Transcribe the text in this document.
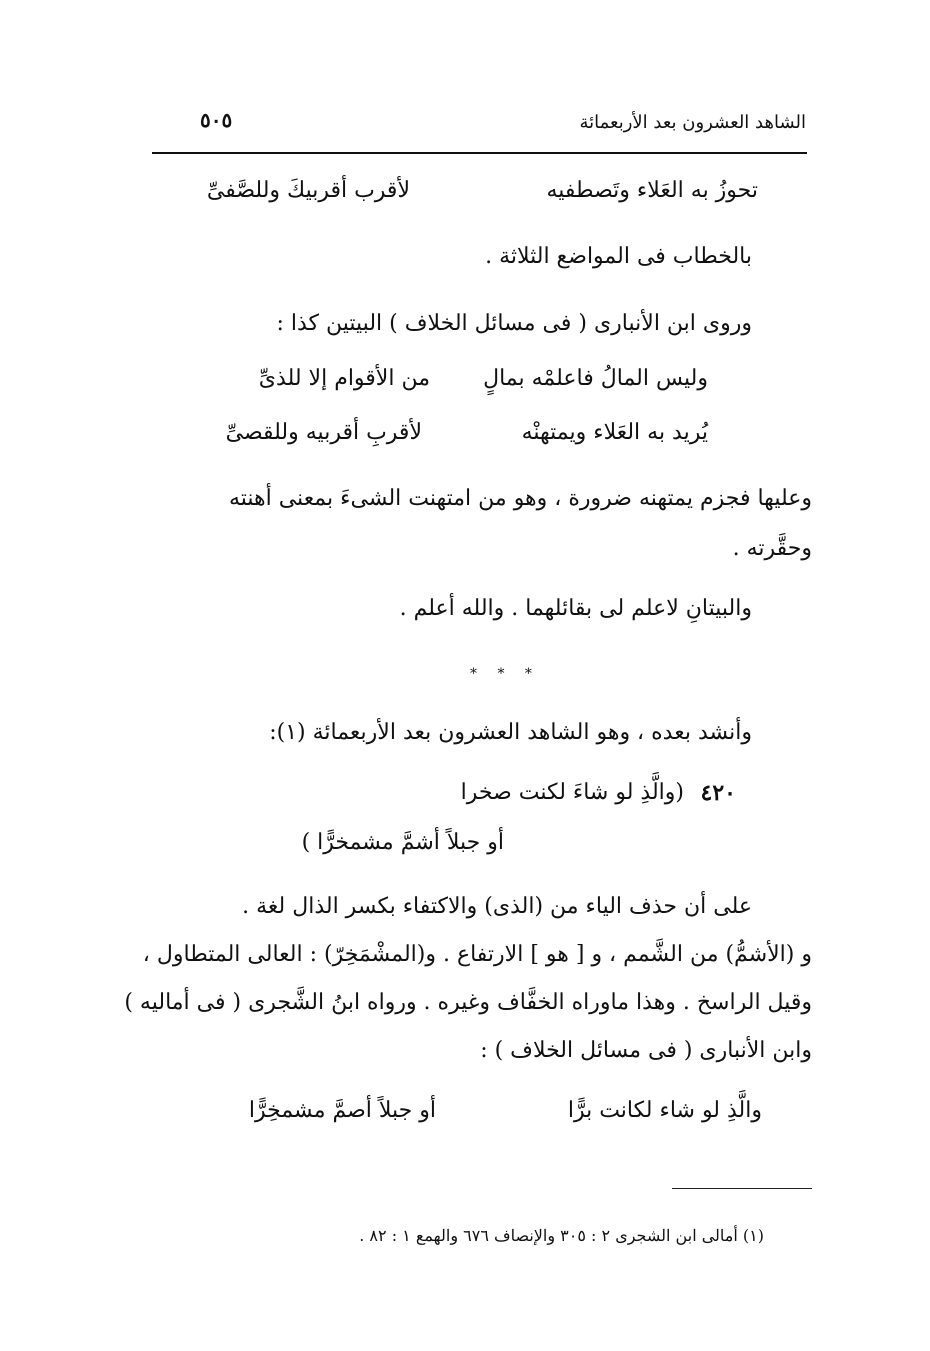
الشاهد العشرون بعد الأربعمائة
٥٠٥
تحوزُ به العَلاء وتَصطفيه
لأقرب أقربيكَ وللصَّفىِّ
بالخطاب فى المواضع الثلاثة .
وروى ابن الأنبارى ( فى مسائل الخلاف ) البيتين كذا :
وليس المالُ فاعلمْه بمالٍ
من الأقوام إلا للذىِّ
يُريد به العَلاء ويمتهنْه
لأقربِ أقربيه وللقصىِّ
وعليها فجزم يمتهنه ضرورة ، وهو من امتهنت الشىءَ بمعنى أهنته
وحقَّرته .
والبيتانِ لاعلم لى بقائلهما . والله أعلم .
* * *
وأنشد بعده ، وهو الشاهد العشرون بعد الأربعمائة (١):
٤٢٠
(والَّذِ لو شاءَ لكنت صخرا
أو جبلاً أشمَّ مشمخرًّا )
على أن حذف الياء من (الذى) والاكتفاء بكسر الذال لغة .
و (الأشمُّ) من الشَّمم ، و [ هو ] الارتفاع . و(المشْمَخِرّ) : العالى المتطاول ،
وقيل الراسخ . وهذا ماوراه الخفَّاف وغيره . ورواه ابنُ الشَّجرى ( فى أماليه )
وابن الأنبارى ( فى مسائل الخلاف ) :
والَّذِ لو شاء لكانت برًّا
أو جبلاً أصمَّ مشمخِرًّا
(١) أمالى ابن الشجرى ٢ : ٣٠٥ والإنصاف ٦٧٦ والهمع ١ : ٨٢ .
